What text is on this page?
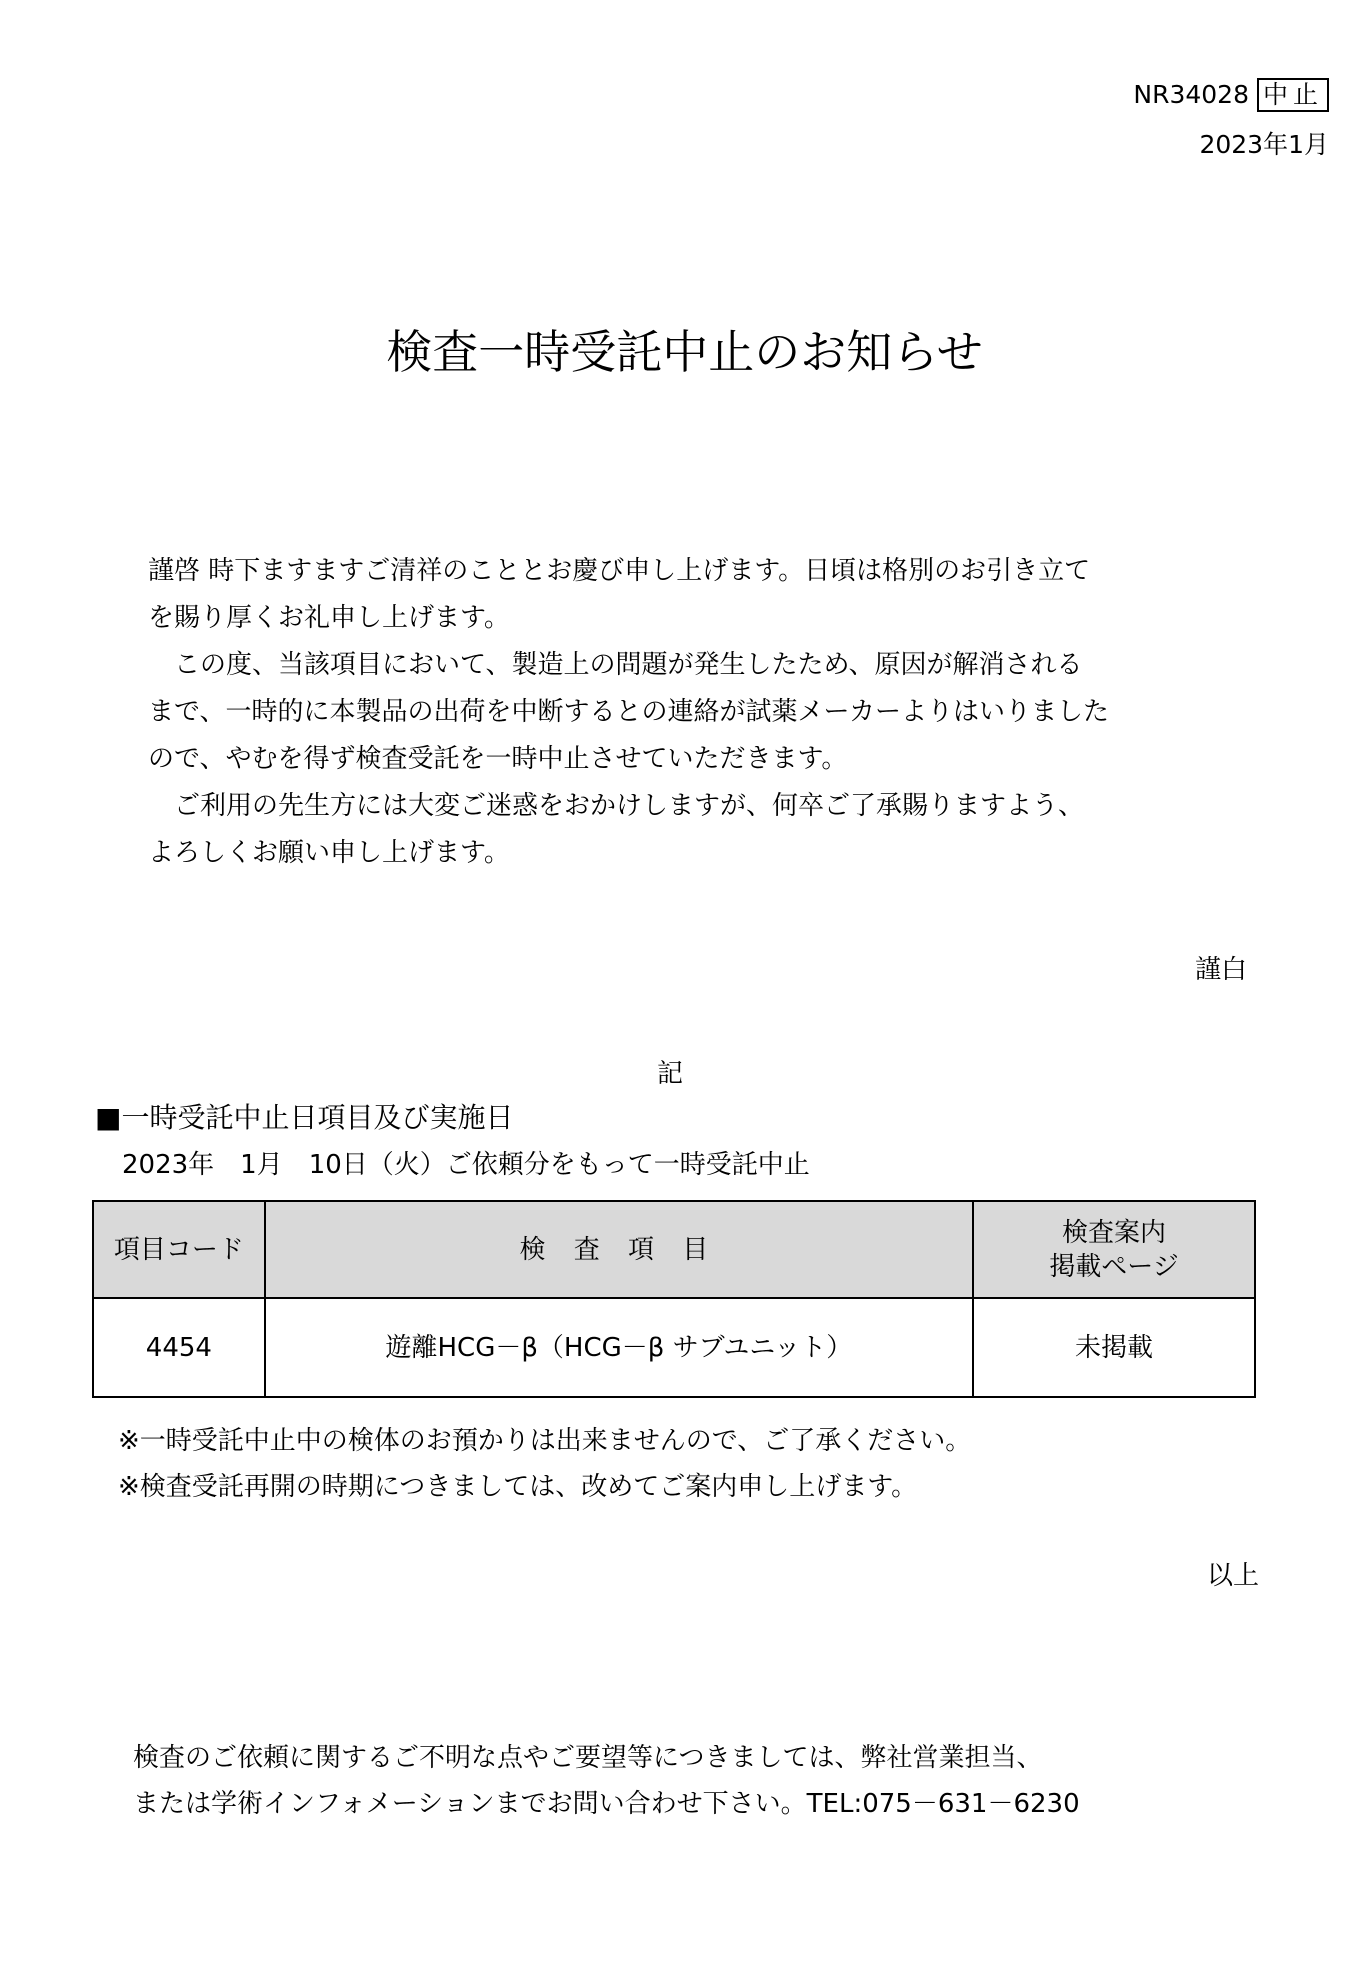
NR34028 中止
2023年1月
検査一時受託中止のお知らせ
謹啓 時下ますますご清祥のこととお慶び申し上げます。日頃は格別のお引き立て
を賜り厚くお礼申し上げます。
　この度、当該項目において、製造上の問題が発生したため、原因が解消される
まで、一時的に本製品の出荷を中断するとの連絡が試薬メーカーよりはいりました
ので、やむを得ず検査受託を一時中止させていただきます。
　ご利用の先生方には大変ご迷惑をおかけしますが、何卒ご了承賜りますよう、
よろしくお願い申し上げます。
謹白
記
■一時受託中止日項目及び実施日
2023年　1月　10日（火）ご依頼分をもって一時受託中止
項目コード	検 査 項 目	検査案内
掲載ページ

4454	遊離HCG－β（HCG－β サブユニット）	未掲載
※一時受託中止中の検体のお預かりは出来ませんので、ご了承ください。
※検査受託再開の時期につきましては、改めてご案内申し上げます。
以上
検査のご依頼に関するご不明な点やご要望等につきましては、弊社営業担当、
または学術インフォメーションまでお問い合わせ下さい。TEL:075－631－6230
